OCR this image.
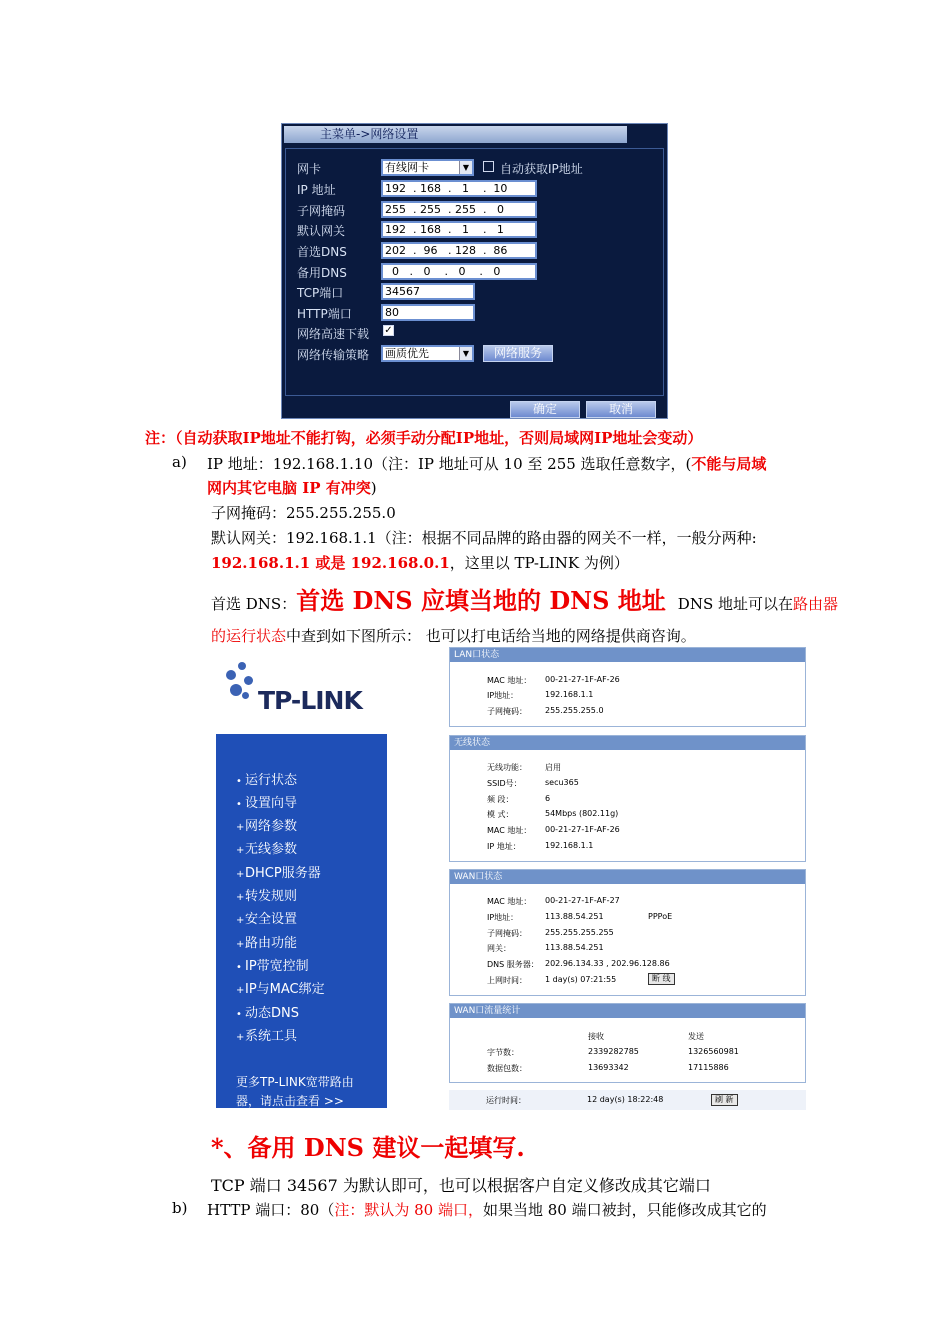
主菜单->网络设置
网卡	有线网卡	▼	自动获取IP地址
IP 地址	192  . 168  .   1    .  10
子网掩码	255  . 255  . 255  .   0
默认网关	192  . 168  .   1    .   1
首选DNS	202  .  96   . 128  .  86
备用DNS	0   .   0    .   0    .   0
TCP端口	34567
HTTP端口	80
网络高速下载 ✓
网络传输策略	画质优先	▼	网络服务
确定	取消
注：（自动获取IP地址不能打钩，必须手动分配IP地址，否则局域网IP地址会变动）
a) IP 地址：192.168.1.10（注：IP 地址可从 10 至 255 选取任意数字，(不能与局域
网内其它电脑 IP 有冲突)
子网掩码：255.255.255.0
默认网关：192.168.1.1（注：根据不同品牌的路由器的网关不一样，一般分两种:
192.168.1.1 或是 192.168.0.1，这里以 TP-LINK 为例）
首选 DNS：首选 DNS 应填当地的 DNS 地址 DNS 地址可以在路由器
的运行状态中查到如下图所示： 也可以打电话给当地的网络提供商咨询。
TP-LINK
• 运行状态
• 设置向导
+网络参数
+无线参数
+DHCP服务器
+转发规则
+安全设置
+路由功能
• IP带宽控制
+IP与MAC绑定
• 动态DNS
+系统工具
更多TP-LINK宽带路由
器，请点击查看 >>
LAN口状态
MAC 地址： 00-21-27-1F-AF-26
IP地址：	192.168.1.1
子网掩码： 255.255.255.0
无线状态
无线功能： 启用
SSID号：	secu365
频 段：	6
模 式：	54Mbps (802.11g)
MAC 地址： 00-21-27-1F-AF-26
IP 地址：	192.168.1.1
WAN口状态
MAC 地址： 00-21-27-1F-AF-27
IP地址：	113.88.54.251	PPPoE
子网掩码： 255.255.255.255
网关：	113.88.54.251
DNS 服务器： 202.96.134.33 , 202.96.128.86
上网时间： 1 day(s) 07:21:55	断 线
WAN口流量统计
接收	发送
字节数：	2339282785	1326560981
数据包数：	13693342	17115886
运行时间：	12 day(s) 18:22:48	刷 新
*、备用 DNS 建议一起填写.
TCP 端口 34567 为默认即可，也可以根据客户自定义修改成其它端口
b) HTTP 端口：80（注：默认为 80 端口，如果当地 80 端口被封，只能修改成其它的
